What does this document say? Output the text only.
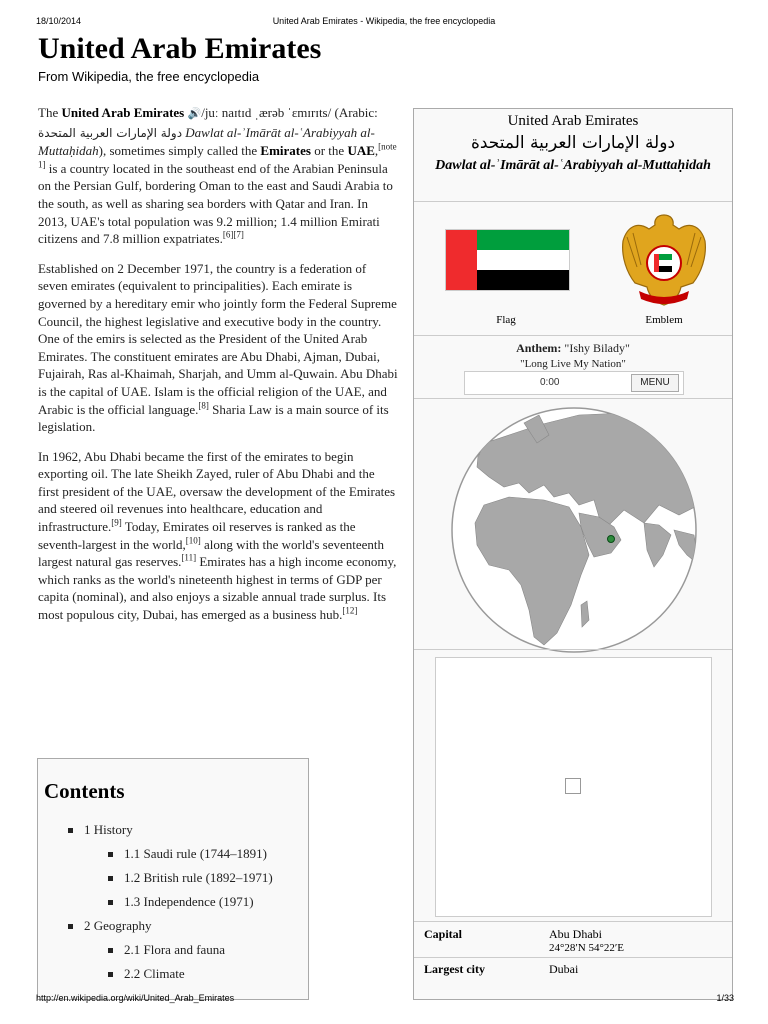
18/10/2014	United Arab Emirates - Wikipedia, the free encyclopedia
United Arab Emirates
From Wikipedia, the free encyclopedia

The United Arab Emirates 🔊/juː naɪtɪd ˌærəb ˈɛmɪrɪts/ (Arabic: دولة الإمارات العربية المتحدة Dawlat al-ʾImārāt al-ʿArabiyyah al-Muttaḥidah), sometimes simply called the Emirates or the UAE,[note 1] is a country located in the southeast end of the Arabian Peninsula on the Persian Gulf, bordering Oman to the east and Saudi Arabia to the south, as well as sharing sea borders with Qatar and Iran. In 2013, UAE's total population was 9.2 million; 1.4 million Emirati citizens and 7.8 million expatriates.[6][7]

Established on 2 December 1971, the country is a federation of seven emirates (equivalent to principalities). Each emirate is governed by a hereditary emir who jointly form the Federal Supreme Council, the highest legislative and executive body in the country. One of the emirs is selected as the President of the United Arab Emirates. The constituent emirates are Abu Dhabi, Ajman, Dubai, Fujairah, Ras al-Khaimah, Sharjah, and Umm al-Quwain. Abu Dhabi is the capital of UAE. Islam is the official religion of the UAE, and Arabic is the official language.[8] Sharia Law is a main source of its legislation.

In 1962, Abu Dhabi became the first of the emirates to begin exporting oil. The late Sheikh Zayed, ruler of Abu Dhabi and the first president of the UAE, oversaw the development of the Emirates and steered oil revenues into healthcare, education and infrastructure.[9] Today, Emirates oil reserves is ranked as the seventh-largest in the world,[10] along with the world's seventeenth largest natural gas reserves.[11] Emirates has a high income economy, which ranks as the world's nineteenth highest in terms of GDP per capita (nominal), and also enjoys a sizable annual trade surplus. Its most populous city, Dubai, has emerged as a business hub.[12]

Contents
1 History
1.1 Saudi rule (1744–1891)
1.2 British rule (1892–1971)
1.3 Independence (1971)
2 Geography
2.1 Flora and fauna
2.2 Climate
United Arab Emirates
دولة الإمارات العربية المتحدة
Dawlat al-ʾImārāt al-ʿArabiyyah al-Muttaḥidah
Flag	Emblem
Anthem: "Ishy Bilady"
"Long Live My Nation"
0:00	MENU
Capital	Abu Dhabi
24°28′N 54°22′E
Largest city	Dubai
http://en.wikipedia.org/wiki/United_Arab_Emirates	1/33
